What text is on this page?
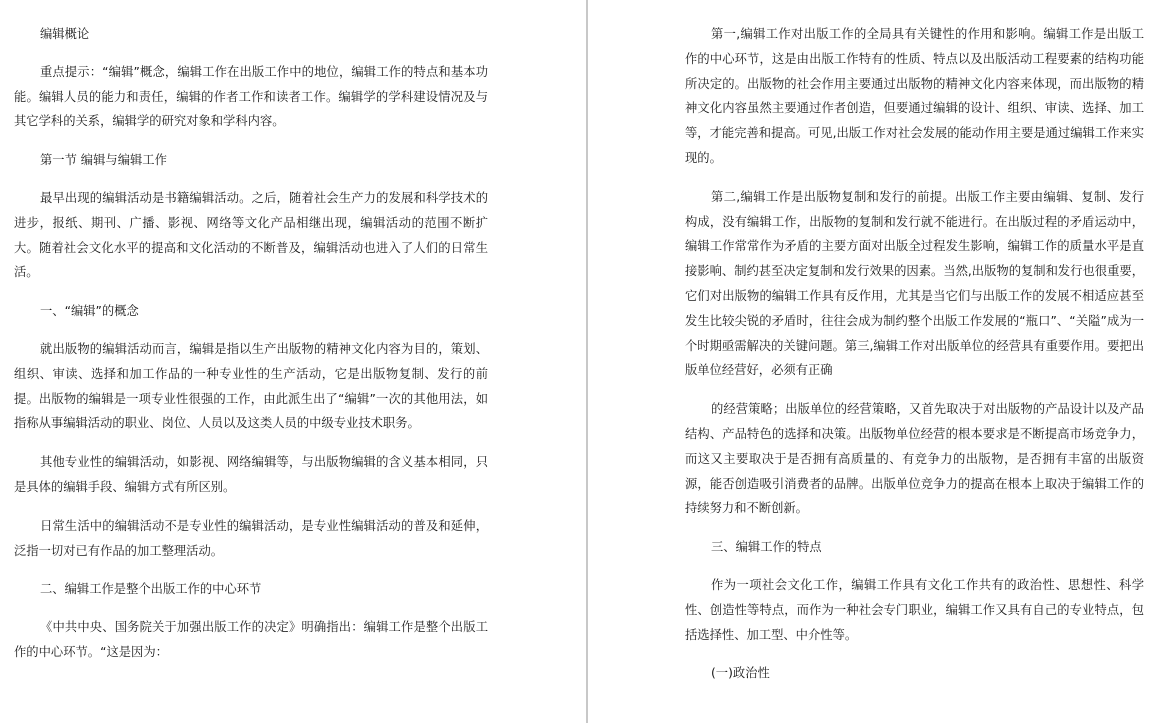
编辑概论

重点提示：“编辑”概念，编辑工作在出版工作中的地位，编辑工作的特点和基本功能。编辑人员的能力和责任，编辑的作者工作和读者工作。编辑学的学科建设情况及与其它学科的关系，编辑学的研究对象和学科内容。

第一节 编辑与编辑工作

最早出现的编辑活动是书籍编辑活动。之后，随着社会生产力的发展和科学技术的进步，报纸、期刊、广播、影视、网络等文化产品相继出现，编辑活动的范围不断扩大。随着社会文化水平的提高和文化活动的不断普及，编辑活动也进入了人们的日常生活。

一、“编辑”的概念

就出版物的编辑活动而言，编辑是指以生产出版物的精神文化内容为目的，策划、组织、审读、选择和加工作品的一种专业性的生产活动，它是出版物复制、发行的前提。出版物的编辑是一项专业性很强的工作，由此派生出了“编辑”一次的其他用法，如指称从事编辑活动的职业、岗位、人员以及这类人员的中级专业技术职务。

其他专业性的编辑活动，如影视、网络编辑等，与出版物编辑的含义基本相同，只是具体的编辑手段、编辑方式有所区别。

日常生活中的编辑活动不是专业性的编辑活动，是专业性编辑活动的普及和延伸，泛指一切对已有作品的加工整理活动。

二、编辑工作是整个出版工作的中心环节

《中共中央、国务院关于加强出版工作的决定》明确指出：编辑工作是整个出版工作的中心环节。“这是因为：

第一,编辑工作对出版工作的全局具有关键性的作用和影响。编辑工作是出版工作的中心环节，这是由出版工作特有的性质、特点以及出版活动工程要素的结构功能所决定的。出版物的社会作用主要通过出版物的精神文化内容来体现，而出版物的精神文化内容虽然主要通过作者创造，但要通过编辑的设计、组织、审读、选择、加工等，才能完善和提高。可见,出版工作对社会发展的能动作用主要是通过编辑工作来实现的。

第二,编辑工作是出版物复制和发行的前提。出版工作主要由编辑、复制、发行构成，没有编辑工作，出版物的复制和发行就不能进行。在出版过程的矛盾运动中，编辑工作常常作为矛盾的主要方面对出版全过程发生影响，编辑工作的质量水平是直接影响、制约甚至决定复制和发行效果的因素。当然,出版物的复制和发行也很重要，它们对出版物的编辑工作具有反作用，尤其是当它们与出版工作的发展不相适应甚至发生比较尖锐的矛盾时，往往会成为制约整个出版工作发展的“瓶口”、“关隘”成为一个时期亟需解决的关键问题。第三,编辑工作对出版单位的经营具有重要作用。要把出版单位经营好，必须有正确

的经营策略；出版单位的经营策略，又首先取决于对出版物的产品设计以及产品结构、产品特色的选择和决策。出版物单位经营的根本要求是不断提高市场竞争力，而这又主要取决于是否拥有高质量的、有竞争力的出版物，是否拥有丰富的出版资源，能否创造吸引消费者的品牌。出版单位竞争力的提高在根本上取决于编辑工作的持续努力和不断创新。

三、编辑工作的特点

作为一项社会文化工作，编辑工作具有文化工作共有的政治性、思想性、科学性、创造性等特点，而作为一种社会专门职业，编辑工作又具有自己的专业特点，包括选择性、加工型、中介性等。

(一)政治性
